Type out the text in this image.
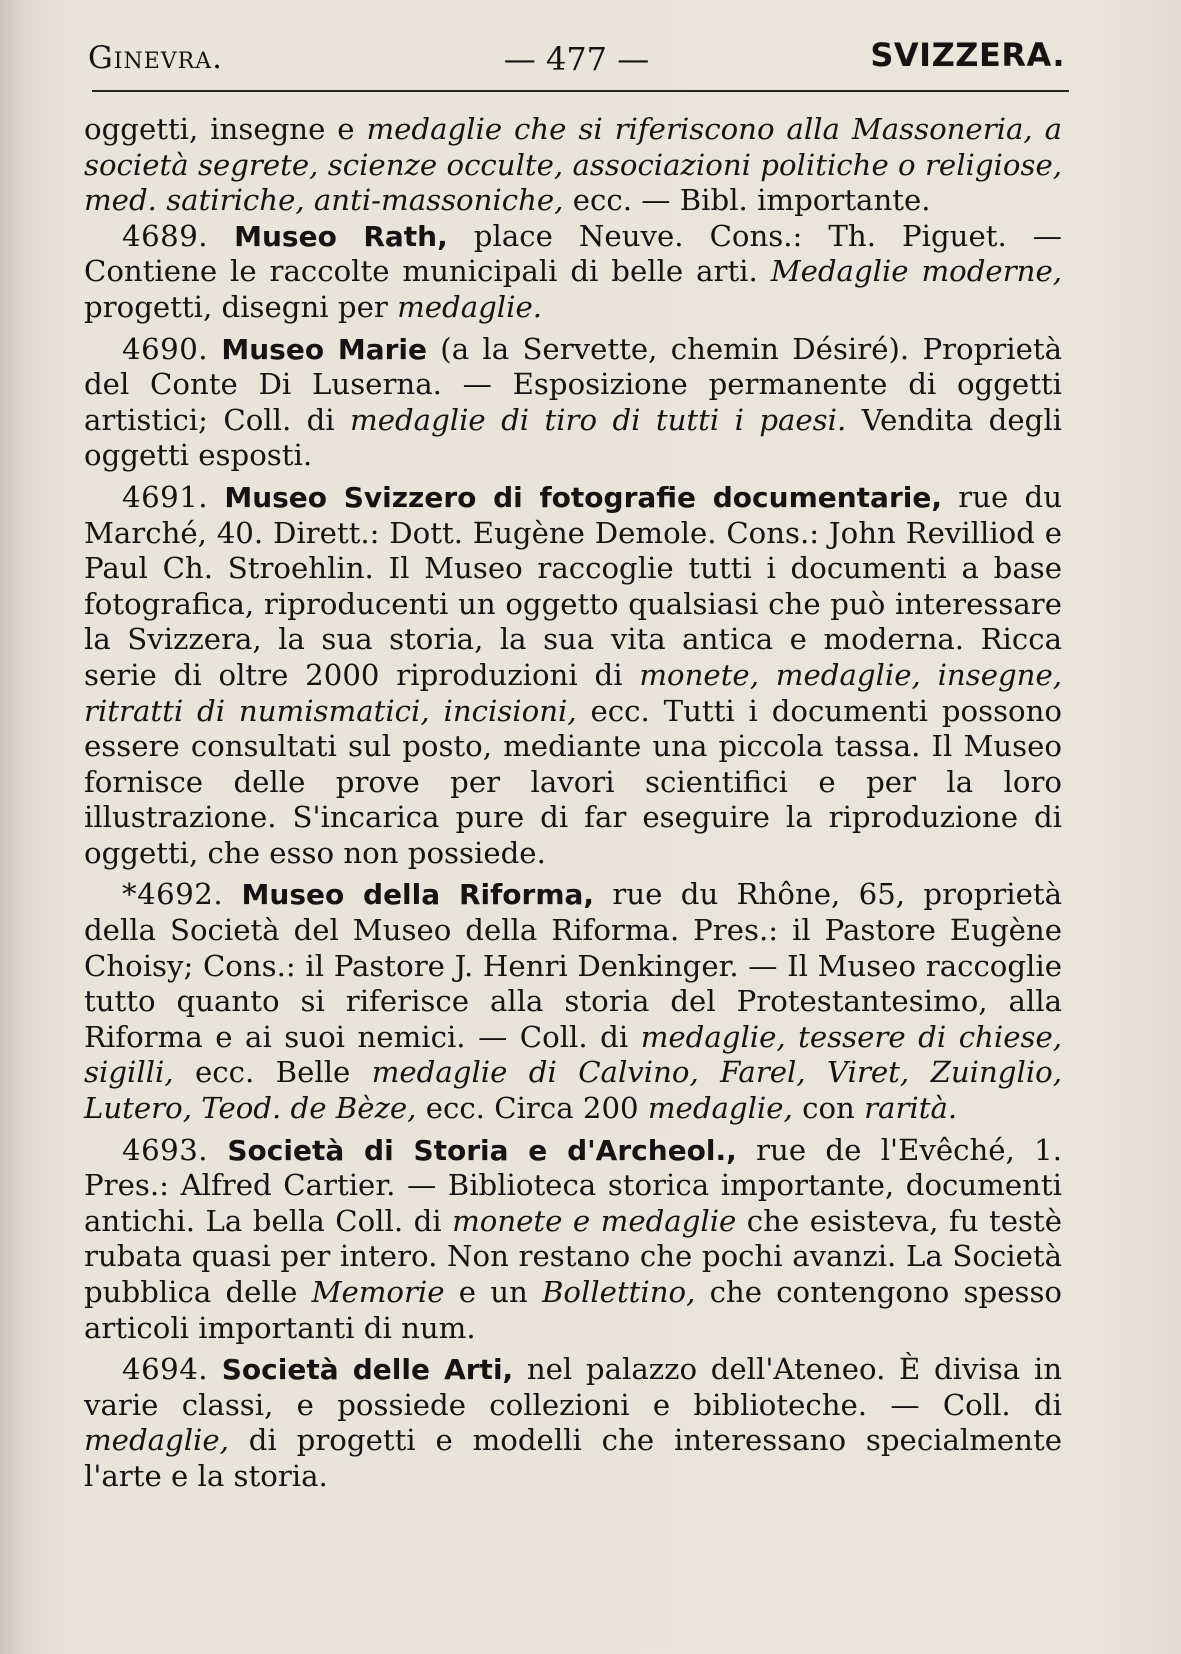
Ginevra.	— 477 —	SVIZZERA.

oggetti, insegne e medaglie che si riferiscono alla Massoneria, a società segrete, scienze occulte, associazioni politiche o religiose, med. satiriche, anti-massoniche, ecc. — Bibl. importante.

4689. Museo Rath, place Neuve. Cons.: Th. Piguet. — Contiene le raccolte municipali di belle arti. Medaglie moderne, progetti, disegni per medaglie.

4690. Museo Marie (a la Servette, chemin Désiré). Proprietà del Conte Di Luserna. — Esposizione permanente di oggetti artistici; Coll. di medaglie di tiro di tutti i paesi. Vendita degli oggetti esposti.

4691. Museo Svizzero di fotografie documentarie, rue du Marché, 40. Dirett.: Dott. Eugène Demole. Cons.: John Revilliod e Paul Ch. Stroehlin. Il Museo raccoglie tutti i documenti a base fotografica, riproducenti un oggetto qualsiasi che può interessare la Svizzera, la sua storia, la sua vita antica e moderna. Ricca serie di oltre 2000 riproduzioni di monete, medaglie, insegne, ritratti di numismatici, incisioni, ecc. Tutti i documenti possono essere consultati sul posto, mediante una piccola tassa. Il Museo fornisce delle prove per lavori scientifici e per la loro illustrazione. S'incarica pure di far eseguire la riproduzione di oggetti, che esso non possiede.

*4692. Museo della Riforma, rue du Rhône, 65, proprietà della Società del Museo della Riforma. Pres.: il Pastore Eugène Choisy; Cons.: il Pastore J. Henri Denkinger. — Il Museo raccoglie tutto quanto si riferisce alla storia del Protestantesimo, alla Riforma e ai suoi nemici. — Coll. di medaglie, tessere di chiese, sigilli, ecc. Belle medaglie di Calvino, Farel, Viret, Zuinglio, Lutero, Teod. de Bèze, ecc. Circa 200 medaglie, con rarità.

4693. Società di Storia e d'Archeol., rue de l'Evêché, 1. Pres.: Alfred Cartier. — Biblioteca storica importante, documenti antichi. La bella Coll. di monete e medaglie che esisteva, fu testè rubata quasi per intero. Non restano che pochi avanzi. La Società pubblica delle Memorie e un Bollettino, che contengono spesso articoli importanti di num.

4694. Società delle Arti, nel palazzo dell'Ateneo. È divisa in varie classi, e possiede collezioni e biblioteche. — Coll. di medaglie, di progetti e modelli che interessano specialmente l'arte e la storia.
